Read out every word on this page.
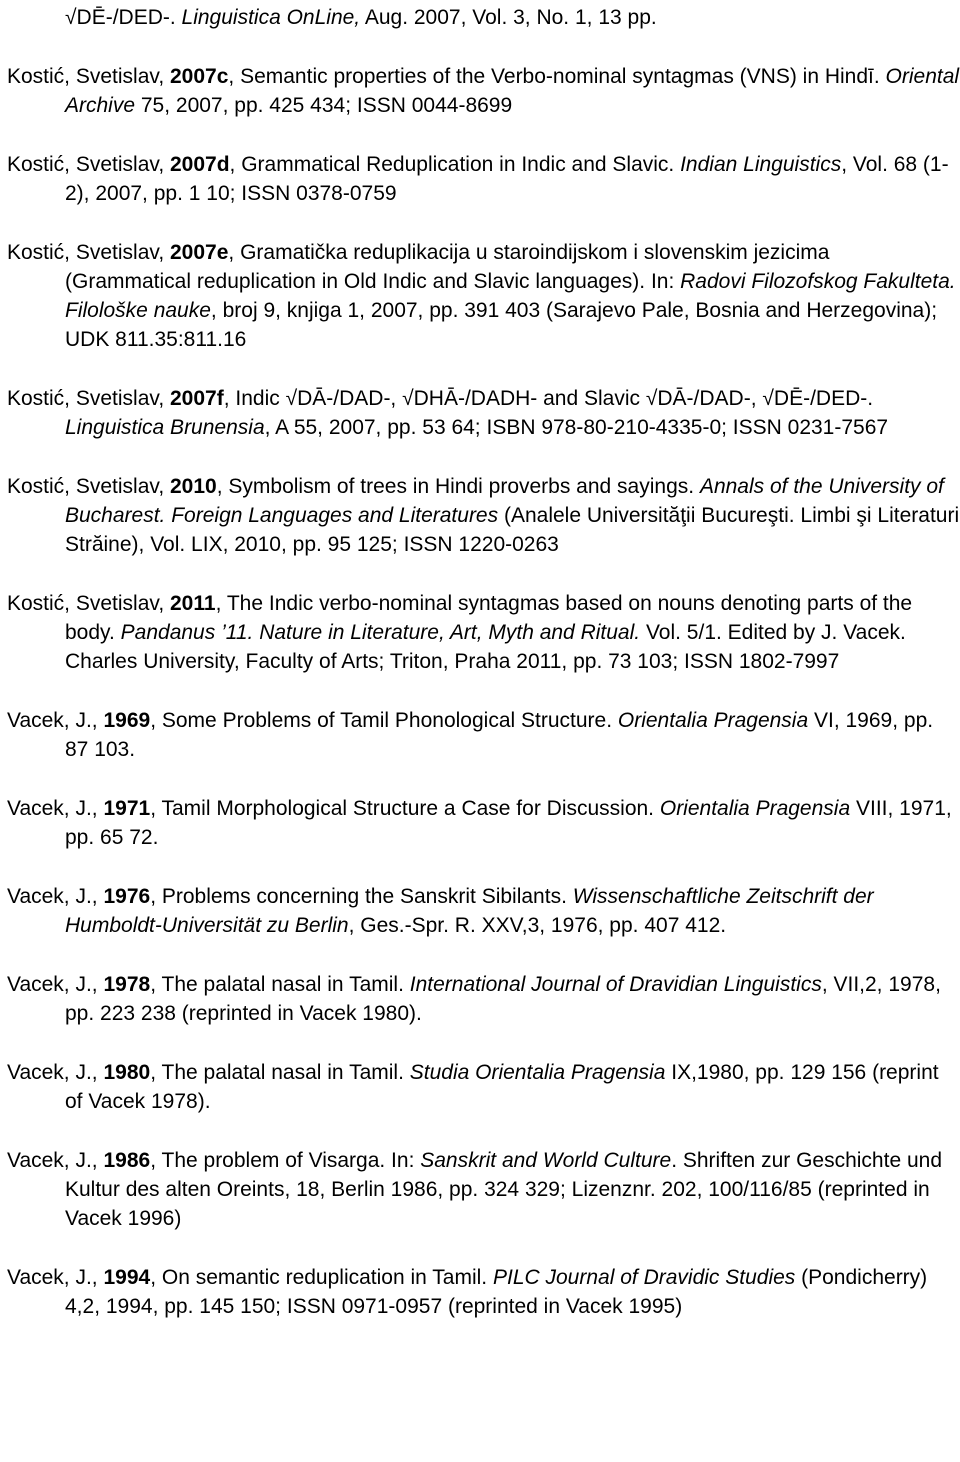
√DĒ-/DED-. Linguistica OnLine, Aug. 2007, Vol. 3, No. 1, 13 pp.

Kostić, Svetislav, 2007c, Semantic properties of the Verbo-nominal syntagmas (VNS) in Hindī. Oriental Archive 75, 2007, pp. 425 434; ISSN 0044-8699

Kostić, Svetislav, 2007d, Grammatical Reduplication in Indic and Slavic. Indian Linguistics, Vol. 68 (1-2), 2007, pp. 1 10; ISSN 0378-0759

Kostić, Svetislav, 2007e, Gramatička reduplikacija u staroindijskom i slovenskim jezicima (Grammatical reduplication in Old Indic and Slavic languages). In: Radovi Filozofskog Fakulteta. Filološke nauke, broj 9, knjiga 1, 2007, pp. 391 403 (Sarajevo Pale, Bosnia and Herzegovina); UDK 811.35:811.16

Kostić, Svetislav, 2007f, Indic √DĀ-/DAD-, √DHĀ-/DADH- and Slavic √DĀ-/DAD-, √DĒ-/DED-. Linguistica Brunensia, A 55, 2007, pp. 53 64; ISBN 978-80-210-4335-0; ISSN 0231-7567

Kostić, Svetislav, 2010, Symbolism of trees in Hindi proverbs and sayings. Annals of the University of Bucharest. Foreign Languages and Literatures (Analele Universităţii Bucureşti. Limbi şi Literaturi Străine), Vol. LIX, 2010, pp. 95 125; ISSN 1220-0263

Kostić, Svetislav, 2011, The Indic verbo-nominal syntagmas based on nouns denoting parts of the body. Pandanus ’11. Nature in Literature, Art, Myth and Ritual. Vol. 5/1. Edited by J. Vacek. Charles University, Faculty of Arts; Triton, Praha 2011, pp. 73 103; ISSN 1802-7997

Vacek, J., 1969, Some Problems of Tamil Phonological Structure. Orientalia Pragensia VI, 1969, pp. 87 103.

Vacek, J., 1971, Tamil Morphological Structure a Case for Discussion. Orientalia Pragensia VIII, 1971, pp. 65 72.

Vacek, J., 1976, Problems concerning the Sanskrit Sibilants. Wissenschaftliche Zeitschrift der Humboldt-Universität zu Berlin, Ges.-Spr. R. XXV,3, 1976, pp. 407 412.

Vacek, J., 1978, The palatal nasal in Tamil. International Journal of Dravidian Linguistics, VII,2, 1978, pp. 223 238 (reprinted in Vacek 1980).

Vacek, J., 1980, The palatal nasal in Tamil. Studia Orientalia Pragensia IX,1980, pp. 129 156 (reprint of Vacek 1978).

Vacek, J., 1986, The problem of Visarga. In: Sanskrit and World Culture. Shriften zur Geschichte und Kultur des alten Oreints, 18, Berlin 1986, pp. 324 329; Lizenznr. 202, 100/116/85 (reprinted in Vacek 1996)

Vacek, J., 1994, On semantic reduplication in Tamil. PILC Journal of Dravidic Studies (Pondicherry) 4,2, 1994, pp. 145 150; ISSN 0971-0957 (reprinted in Vacek 1995)
